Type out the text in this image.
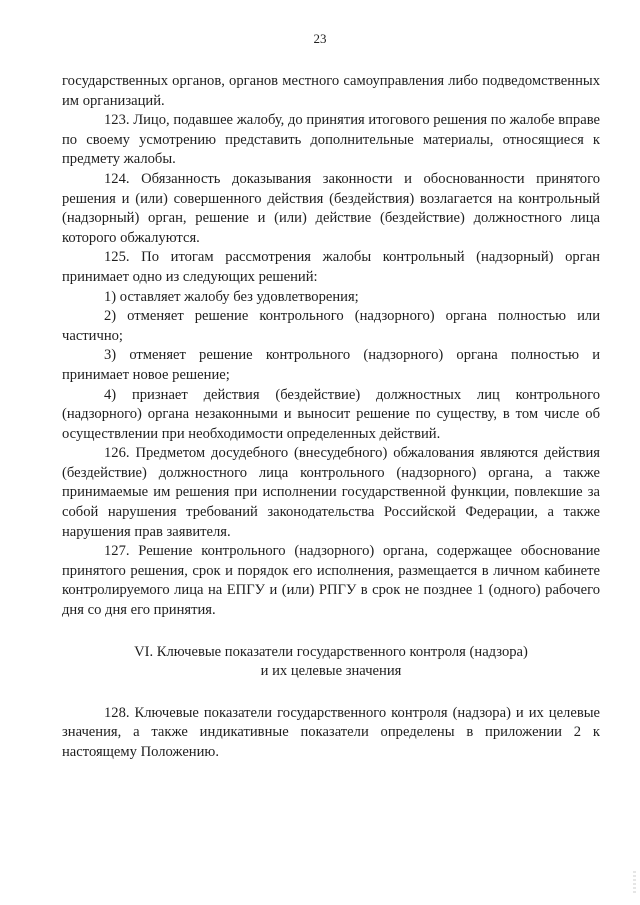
23

государственных органов, органов местного самоуправления либо подведомственных им организаций.

123. Лицо, подавшее жалобу, до принятия итогового решения по жалобе вправе по своему усмотрению представить дополнительные материалы, относящиеся к предмету жалобы.

124. Обязанность доказывания законности и обоснованности принятого решения и (или) совершенного действия (бездействия) возлагается на контрольный (надзорный) орган, решение и (или) действие (бездействие) должностного лица которого обжалуются.

125. По итогам рассмотрения жалобы контрольный (надзорный) орган принимает одно из следующих решений:

1) оставляет жалобу без удовлетворения;

2) отменяет решение контрольного (надзорного) органа полностью или частично;

3) отменяет решение контрольного (надзорного) органа полностью и принимает новое решение;

4) признает действия (бездействие) должностных лиц контрольного (надзорного) органа незаконными и выносит решение по существу, в том числе об осуществлении при необходимости определенных действий.

126. Предметом досудебного (внесудебного) обжалования являются действия (бездействие) должностного лица контрольного (надзорного) органа, а также принимаемые им решения при исполнении государственной функции, повлекшие за собой нарушения требований законодательства Российской Федерации, а также нарушения прав заявителя.

127. Решение контрольного (надзорного) органа, содержащее обоснование принятого решения, срок и порядок его исполнения, размещается в личном кабинете контролируемого лица на ЕПГУ и (или) РПГУ в срок не позднее 1 (одного) рабочего дня со дня его принятия.

VI. Ключевые показатели государственного контроля (надзора)
и их целевые значения

128. Ключевые показатели государственного контроля (надзора) и их целевые значения, а также индикативные показатели определены в приложении 2 к настоящему Положению.
